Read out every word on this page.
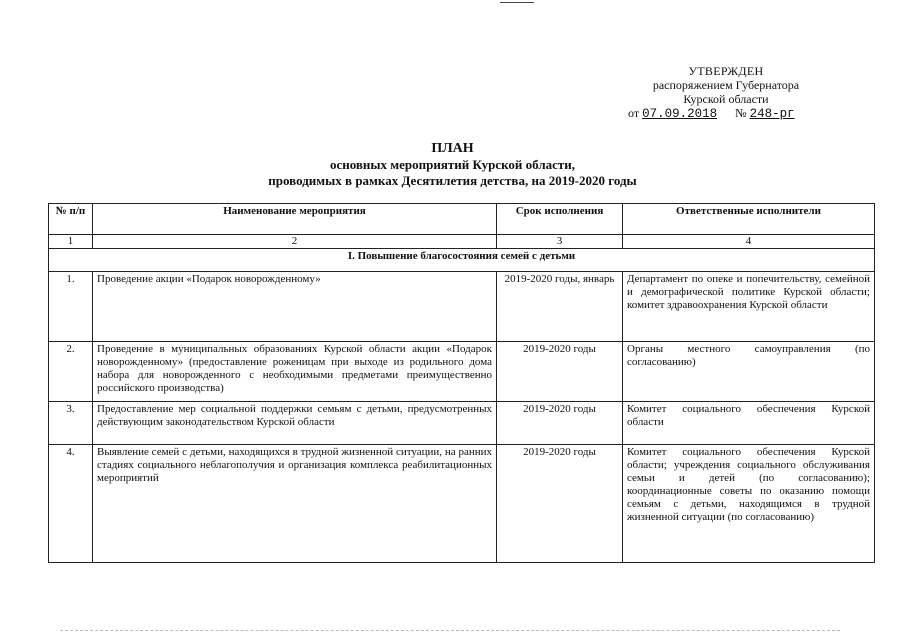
УТВЕРЖДЕН
распоряжением Губернатора
Курской области
от 07.09.2018 № 248-рг
ПЛАН
основных мероприятий Курской области,
проводимых в рамках Десятилетия детства, на 2019-2020 годы
№ п/п	Наименование мероприятия	Срок исполнения	Ответственные исполнители
1	2	3	4
I. Повышение благосостояния семей с детьми			
1.	Проведение акции «Подарок новорожденному»	2019-2020 годы, январь	Департамент по опеке и попечительству, семейной и демографической политике Курской области; комитет здравоохранения Курской области
2.	Проведение в муниципальных образованиях Курской области акции «Подарок новорожденному» (предоставление роженицам при выходе из родильного дома набора для новорожденного с необходимыми предметами преимущественно российского производства)	2019-2020 годы	Органы местного самоуправления (по согласованию)
3.	Предоставление мер социальной поддержки семьям с детьми, предусмотренных действующим законодательством Курской области	2019-2020 годы	Комитет социального обеспечения Курской области
4.	Выявление семей с детьми, находящихся в трудной жизненной ситуации, на ранних стадиях социального неблагополучия и организация комплекса реабилитационных мероприятий	2019-2020 годы	Комитет социального обеспечения Курской области; учреждения социального обслуживания семьи и детей (по согласованию); координационные советы по оказанию помощи семьям с детьми, находящимся в трудной жизненной ситуации (по согласованию)
